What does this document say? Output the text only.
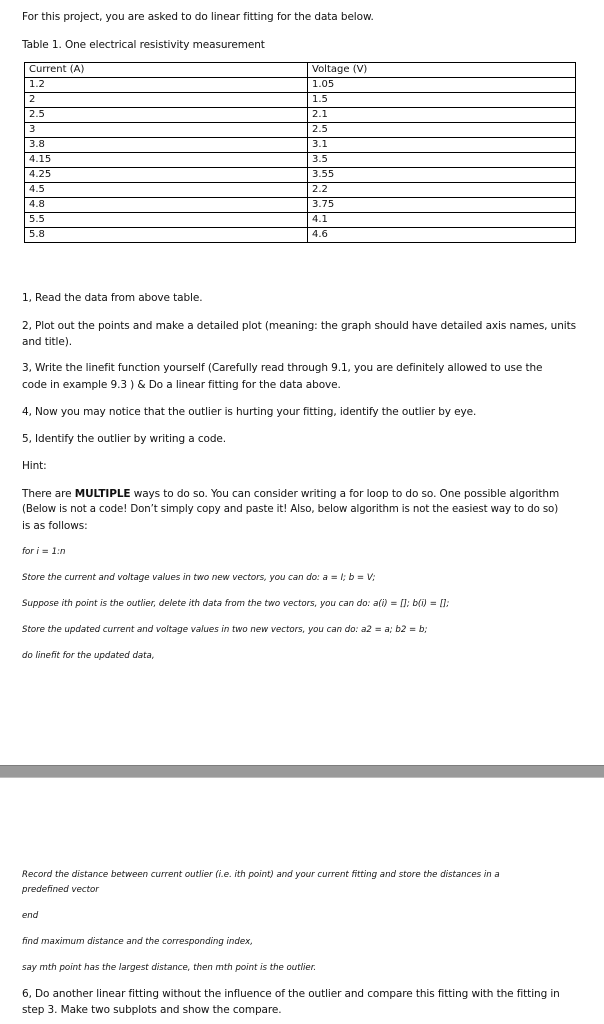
For this project, you are asked to do linear fitting for the data below.
Table 1. One electrical resistivity measurement
Current (A)	Voltage (V)
1.2	1.05
2	1.5
2.5	2.1
3	2.5
3.8	3.1
4.15	3.5
4.25	3.55
4.5	2.2
4.8	3.75
5.5	4.1
5.8	4.6
1, Read the data from above table.
2, Plot out the points and make a detailed plot (meaning: the graph should have detailed axis names, units
and title).
3, Write the linefit function yourself (Carefully read through 9.1, you are definitely allowed to use the
code in example 9.3 ) & Do a linear fitting for the data above.
4, Now you may notice that the outlier is hurting your fitting, identify the outlier by eye.
5, Identify the outlier by writing a code.
Hint:
There are MULTIPLE ways to do so. You can consider writing a for loop to do so. One possible algorithm
(Below is not a code! Don’t simply copy and paste it! Also, below algorithm is not the easiest way to do so)
is as follows:
for i = 1:n
Store the current and voltage values in two new vectors, you can do: a = I; b = V;
Suppose ith point is the outlier, delete ith data from the two vectors, you can do: a(i) = []; b(i) = [];
Store the updated current and voltage values in two new vectors, you can do: a2 = a; b2 = b;
do linefit for the updated data,
Record the distance between current outlier (i.e. ith point) and your current fitting and store the distances in a
predefined vector
end
find maximum distance and the corresponding index,
say mth point has the largest distance, then mth point is the outlier.
6, Do another linear fitting without the influence of the outlier and compare this fitting with the fitting in
step 3. Make two subplots and show the compare.
